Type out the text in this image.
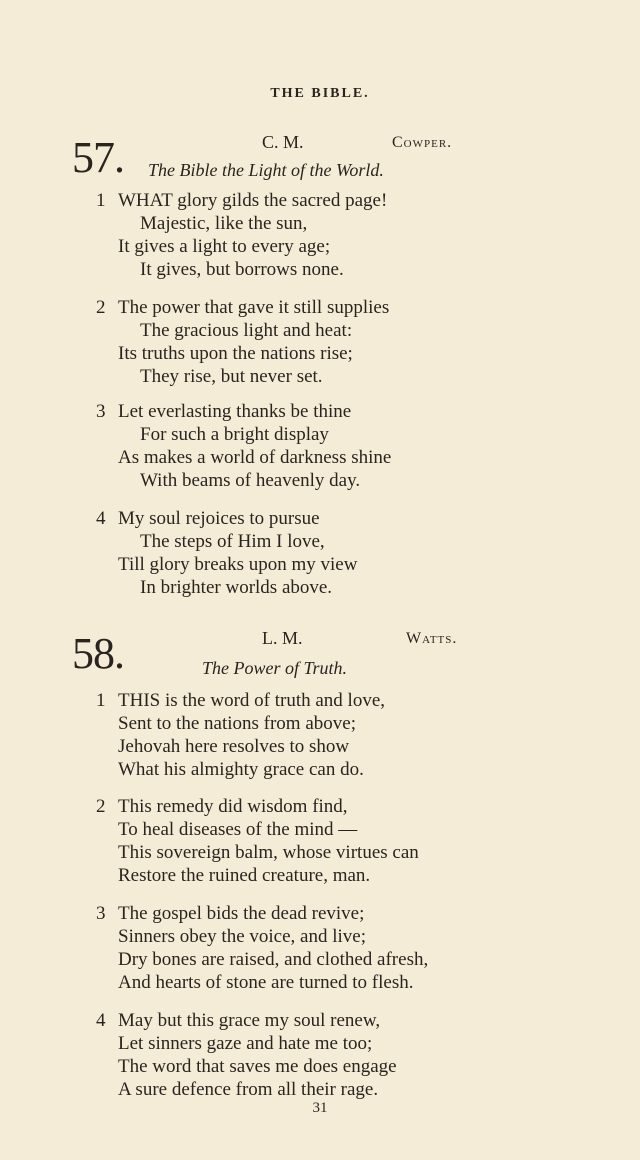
THE BIBLE.
57.	C. M.	Cowper.
The Bible the Light of the World.
1 WHAT glory gilds the sacred page!
Majestic, like the sun,
It gives a light to every age;
It gives, but borrows none.
2 The power that gave it still supplies
The gracious light and heat:
Its truths upon the nations rise;
They rise, but never set.
3 Let everlasting thanks be thine
For such a bright display
As makes a world of darkness shine
With beams of heavenly day.
4 My soul rejoices to pursue
The steps of Him I love,
Till glory breaks upon my view
In brighter worlds above.
58.	L. M.	Watts.
The Power of Truth.
1 THIS is the word of truth and love,
Sent to the nations from above;
Jehovah here resolves to show
What his almighty grace can do.
2 This remedy did wisdom find,
To heal diseases of the mind —
This sovereign balm, whose virtues can
Restore the ruined creature, man.
3 The gospel bids the dead revive;
Sinners obey the voice, and live;
Dry bones are raised, and clothed afresh,
And hearts of stone are turned to flesh.
4 May but this grace my soul renew,
Let sinners gaze and hate me too;
The word that saves me does engage
A sure defence from all their rage.
31
